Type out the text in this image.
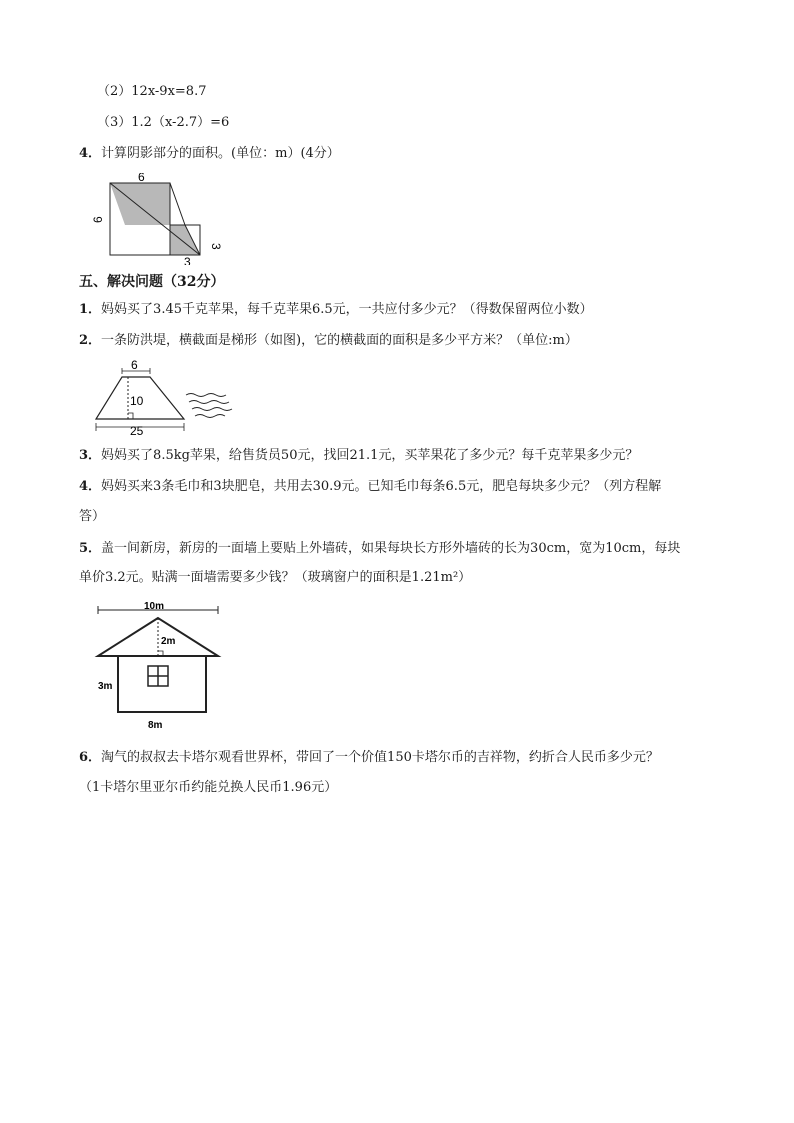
（2）12x-9x=8.7
（3）1.2（x-2.7）=6
4．计算阴影部分的面积。(单位：m）(4分）
6
6
3
3
五、解决问题（32分）
1．妈妈买了3.45千克苹果，每千克苹果6.5元，一共应付多少元？（得数保留两位小数）
2．一条防洪堤，横截面是梯形（如图)，它的横截面的面积是多少平方米？（单位:m）
6
10
25
3．妈妈买了8.5kg苹果，给售货员50元，找回21.1元，买苹果花了多少元？每千克苹果多少元？
4．妈妈买来3条毛巾和3块肥皂，共用去30.9元。已知毛巾每条6.5元，肥皂每块多少元？（列方程解
答）
5．盖一间新房，新房的一面墙上要贴上外墙砖，如果每块长方形外墙砖的长为30cm，宽为10cm，每块
单价3.2元。贴满一面墙需要多少钱？（玻璃窗户的面积是1.21m²）
10m
2m
3m
8m
6．淘气的叔叔去卡塔尔观看世界杯，带回了一个价值150卡塔尔币的吉祥物，约折合人民币多少元？
（1卡塔尔里亚尔币约能兑换人民币1.96元）
